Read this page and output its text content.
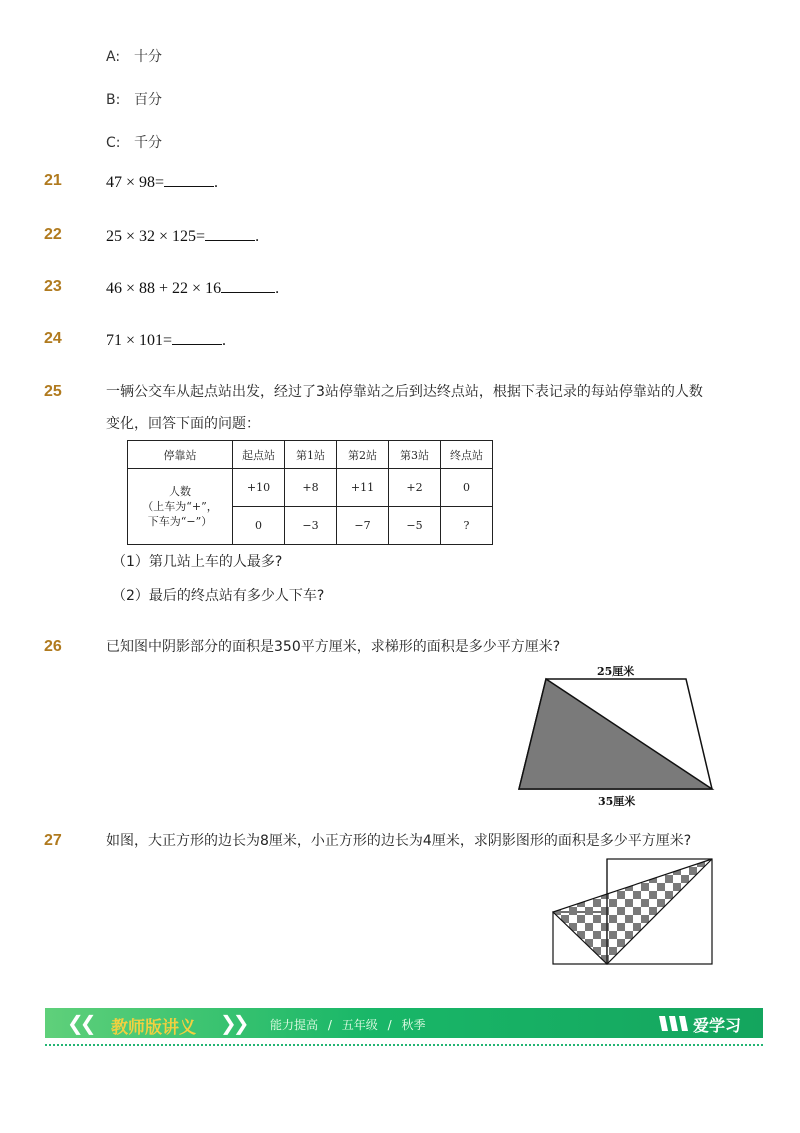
A: 十分
B: 百分
C: 千分
21	47 × 98=	.
22	25 × 32 × 125=	.
23	46 × 88 + 22 × 16	.
24	71 × 101=	.
25	一辆公交车从起点站出发，经过了3站停靠站之后到达终点站，根据下表记录的每站停靠站的人数
变化，回答下面的问题：
停靠站	起点站	第1站	第2站	第3站	终点站

人数
（上车为“+”，
下车为“−”）	+10	+8	+11	+2	0
	0	−3	−7	−5	?
（1）第几站上车的人最多?
（2）最后的终点站有多少人下车?
26	已知图中阴影部分的面积是350平方厘米，求梯形的面积是多少平方厘米?
25厘米
35厘米
27	如图，大正方形的边长为8厘米，小正方形的边长为4厘米，求阴影图形的面积是多少平方厘米?
❮❮ 教师版讲义 ❯❯ 能力提高 / 五年级 / 秋季	爱学习
